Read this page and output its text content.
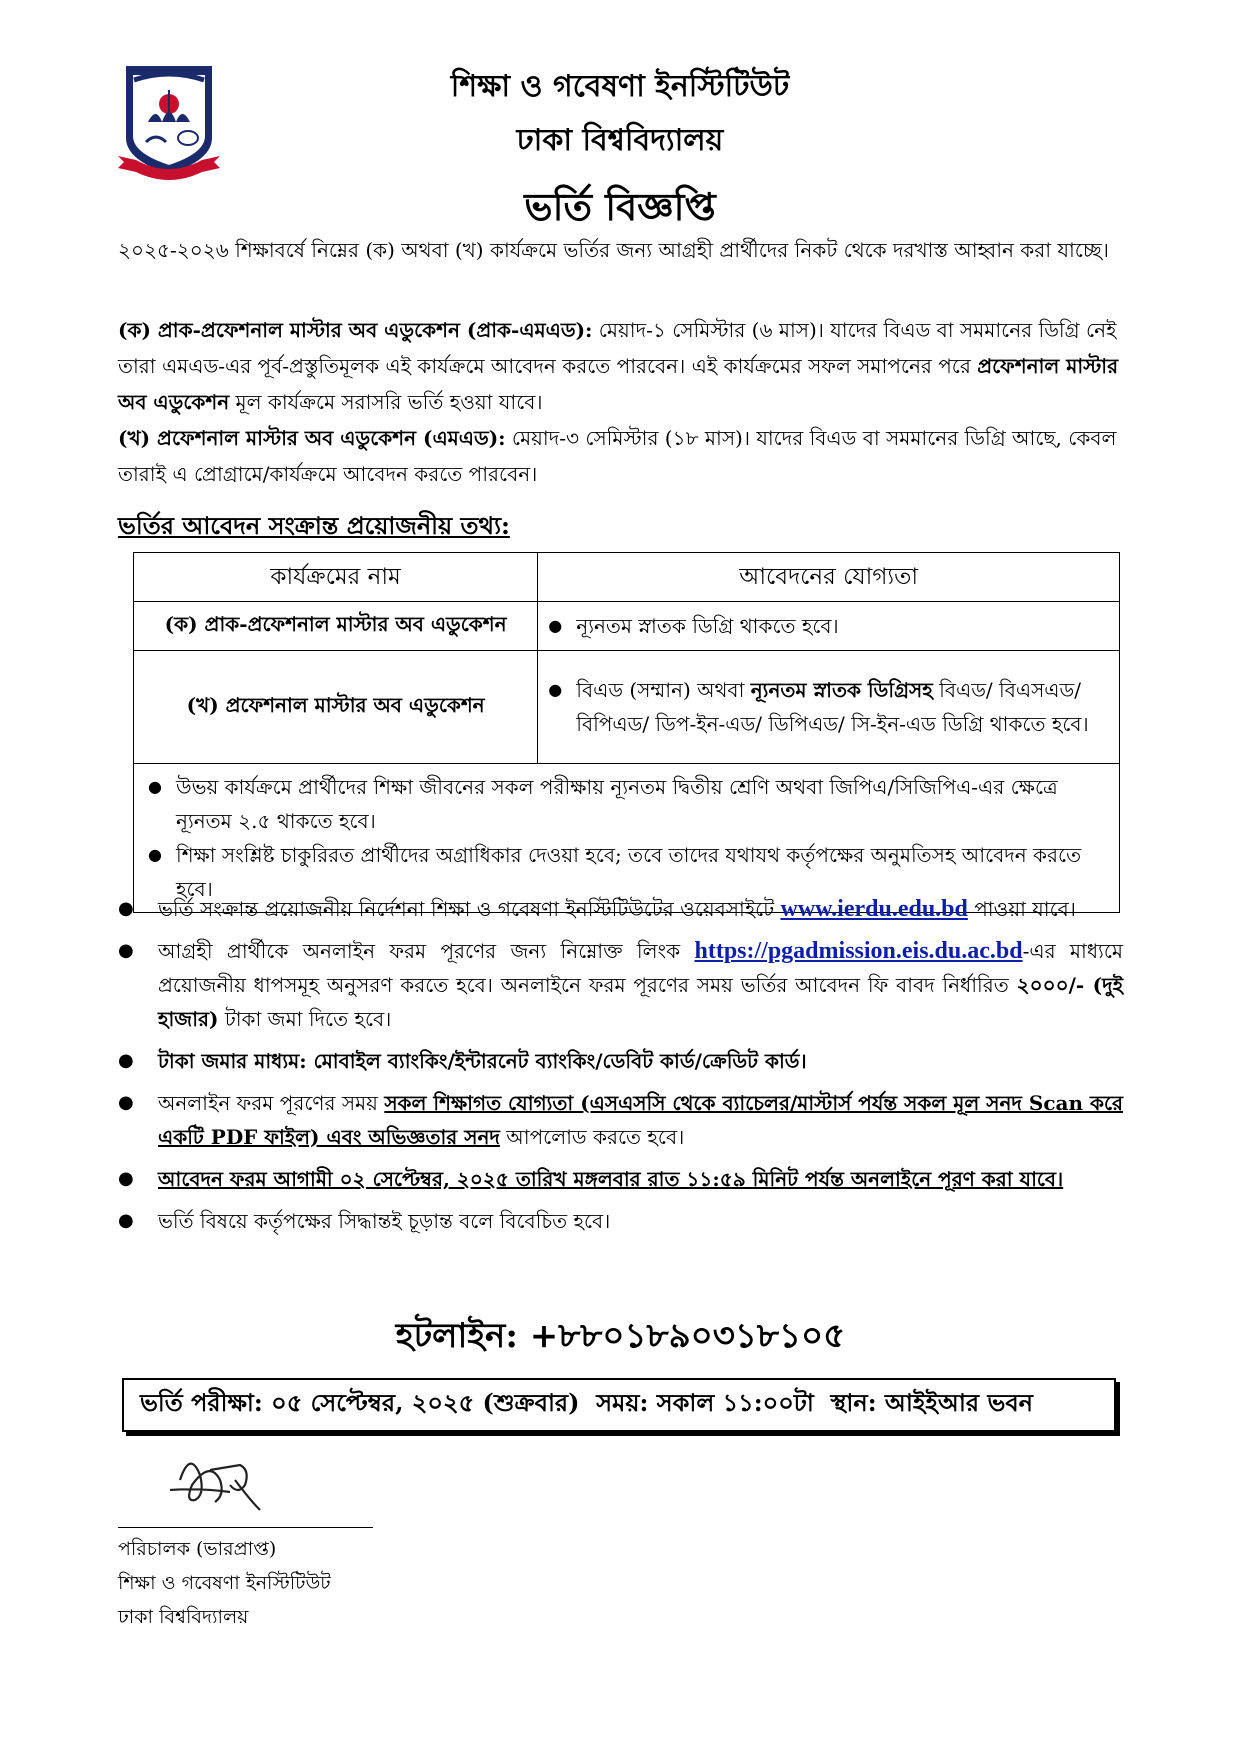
শিক্ষা ও গবেষণা ইনস্টিটিউট
ঢাকা বিশ্ববিদ্যালয়
ভর্তি বিজ্ঞপ্তি
২০২৫-২০২৬ শিক্ষাবর্ষে নিম্নের (ক) অথবা (খ) কার্যক্রমে ভর্তির জন্য আগ্রহী প্রার্থীদের নিকট থেকে দরখাস্ত আহ্বান করা যাচ্ছে।
(ক) প্রাক-প্রফেশনাল মাস্টার অব এডুকেশন (প্রাক-এমএড): মেয়াদ-১ সেমিস্টার (৬ মাস)। যাদের বিএড বা সমমানের ডিগ্রি নেই তারা এমএড-এর পূর্ব-প্রস্তুতিমূলক এই কার্যক্রমে আবেদন করতে পারবেন। এই কার্যক্রমের সফল সমাপনের পরে প্রফেশনাল মাস্টার অব এডুকেশন মূল কার্যক্রমে সরাসরি ভর্তি হওয়া যাবে।
(খ) প্রফেশনাল মাস্টার অব এডুকেশন (এমএড): মেয়াদ-৩ সেমিস্টার (১৮ মাস)। যাদের বিএড বা সমমানের ডিগ্রি আছে, কেবল তারাই এ প্রোগ্রামে/কার্যক্রমে আবেদন করতে পারবেন।
ভর্তির আবেদন সংক্রান্ত প্রয়োজনীয় তথ্য:
কার্যক্রমের নাম	আবেদনের যোগ্যতা
(ক) প্রাক-প্রফেশনাল মাস্টার অব এডুকেশন	● ন্যূনতম স্নাতক ডিগ্রি থাকতে হবে।

(খ) প্রফেশনাল মাস্টার অব এডুকেশন	● বিএড (সম্মান) অথবা ন্যূনতম স্নাতক ডিগ্রিসহ বিএড/ বিএসএড/ বিপিএড/ ডিপ-ইন-এড/ ডিপিএড/ সি-ইন-এড ডিগ্রি থাকতে হবে।

● উভয় কার্যক্রমে প্রার্থীদের শিক্ষা জীবনের সকল পরীক্ষায় ন্যূনতম দ্বিতীয় শ্রেণি অথবা জিপিএ/সিজিপিএ-এর ক্ষেত্রে ন্যূনতম ২.৫ থাকতে হবে।
● শিক্ষা সংশ্লিষ্ট চাকুরিরত প্রার্থীদের অগ্রাধিকার দেওয়া হবে; তবে তাদের যথাযথ কর্তৃপক্ষের অনুমতিসহ আবেদন করতে হবে।	
●	ভর্তি সংক্রান্ত প্রয়োজনীয় নির্দেশনা শিক্ষা ও গবেষণা ইনস্টিটিউটের ওয়েবসাইটে www.ierdu.edu.bd পাওয়া যাবে।
●	আগ্রহী প্রার্থীকে অনলাইন ফরম পূরণের জন্য নিম্নোক্ত লিংক https://pgadmission.eis.du.ac.bd-এর মাধ্যমে প্রয়োজনীয় ধাপসমূহ অনুসরণ করতে হবে। অনলাইনে ফরম পূরণের সময় ভর্তির আবেদন ফি বাবদ নির্ধারিত ২০০০/- (দুই হাজার) টাকা জমা দিতে হবে।
●	টাকা জমার মাধ্যম: মোবাইল ব্যাংকিং/ইন্টারনেট ব্যাংকিং/ডেবিট কার্ড/ক্রেডিট কার্ড।
●	অনলাইন ফরম পূরণের সময় সকল শিক্ষাগত যোগ্যতা (এসএসসি থেকে ব্যাচেলর/মাস্টার্স পর্যন্ত সকল মূল সনদ Scan করে একটি PDF ফাইল) এবং অভিজ্ঞতার সনদ আপলোড করতে হবে।
●	আবেদন ফরম আগামী ০২ সেপ্টেম্বর, ২০২৫ তারিখ মঙ্গলবার রাত ১১:৫৯ মিনিট পর্যন্ত অনলাইনে পূরণ করা যাবে।
●	ভর্তি বিষয়ে কর্তৃপক্ষের সিদ্ধান্তই চূড়ান্ত বলে বিবেচিত হবে।
হটলাইন: +৮৮০১৮৯০৩১৮১০৫
ভর্তি পরীক্ষা: ০৫ সেপ্টেম্বর, ২০২৫ (শুক্রবার)  সময়: সকাল ১১:০০টা  স্থান: আইইআর ভবন
পরিচালক (ভারপ্রাপ্ত)
শিক্ষা ও গবেষণা ইনস্টিটিউট
ঢাকা বিশ্ববিদ্যালয়
